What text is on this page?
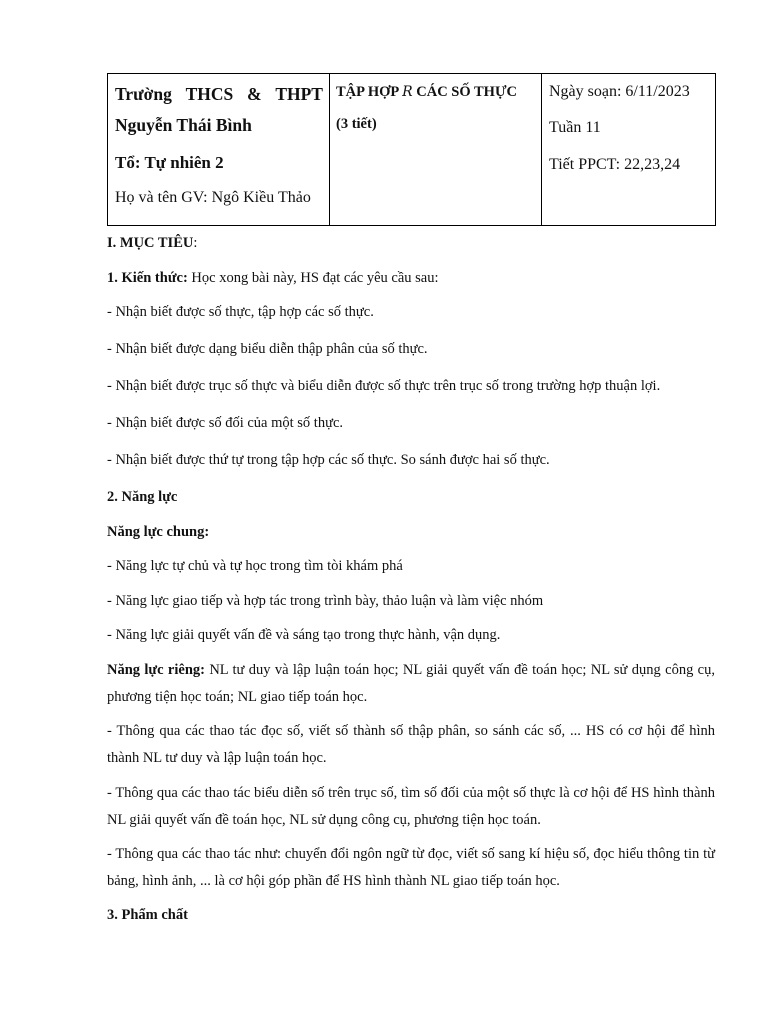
Trường THCS & THPT
Nguyễn Thái Bình
Tổ: Tự nhiên 2
Họ và tên GV: Ngô Kiều Thảo

TẬP HỢP R CÁC SỐ THỰC
(3 tiết)

Ngày soạn: 6/11/2023
Tuần 11
Tiết PPCT: 22,23,24

I. MỤC TIÊU:

1. Kiến thức: Học xong bài này, HS đạt các yêu cầu sau:

- Nhận biết được số thực, tập hợp các số thực.

- Nhận biết được dạng biểu diễn thập phân của số thực.

- Nhận biết được trục số thực và biểu diễn được số thực trên trục số trong trường hợp thuận lợi.

- Nhận biết được số đối của một số thực.

- Nhận biết được thứ tự trong tập hợp các số thực. So sánh được hai số thực.

2. Năng lực

Năng lực chung:

- Năng lực tự chủ và tự học trong tìm tòi khám phá

- Năng lực giao tiếp và hợp tác trong trình bày, thảo luận và làm việc nhóm

- Năng lực giải quyết vấn đề và sáng tạo trong thực hành, vận dụng.

Năng lực riêng: NL tư duy và lập luận toán học; NL giải quyết vấn đề toán học; NL sử dụng công cụ, phương tiện học toán; NL giao tiếp toán học.

- Thông qua các thao tác đọc số, viết số thành số thập phân, so sánh các số, ... HS có cơ hội để hình thành NL tư duy và lập luận toán học.

- Thông qua các thao tác biểu diễn số trên trục số, tìm số đối của một số thực là cơ hội để HS hình thành NL giải quyết vấn đề toán học, NL sử dụng công cụ, phương tiện học toán.

- Thông qua các thao tác như: chuyển đổi ngôn ngữ từ đọc, viết số sang kí hiệu số, đọc hiểu thông tin từ bảng, hình ảnh, ... là cơ hội góp phần để HS hình thành NL giao tiếp toán học.

3. Phẩm chất
